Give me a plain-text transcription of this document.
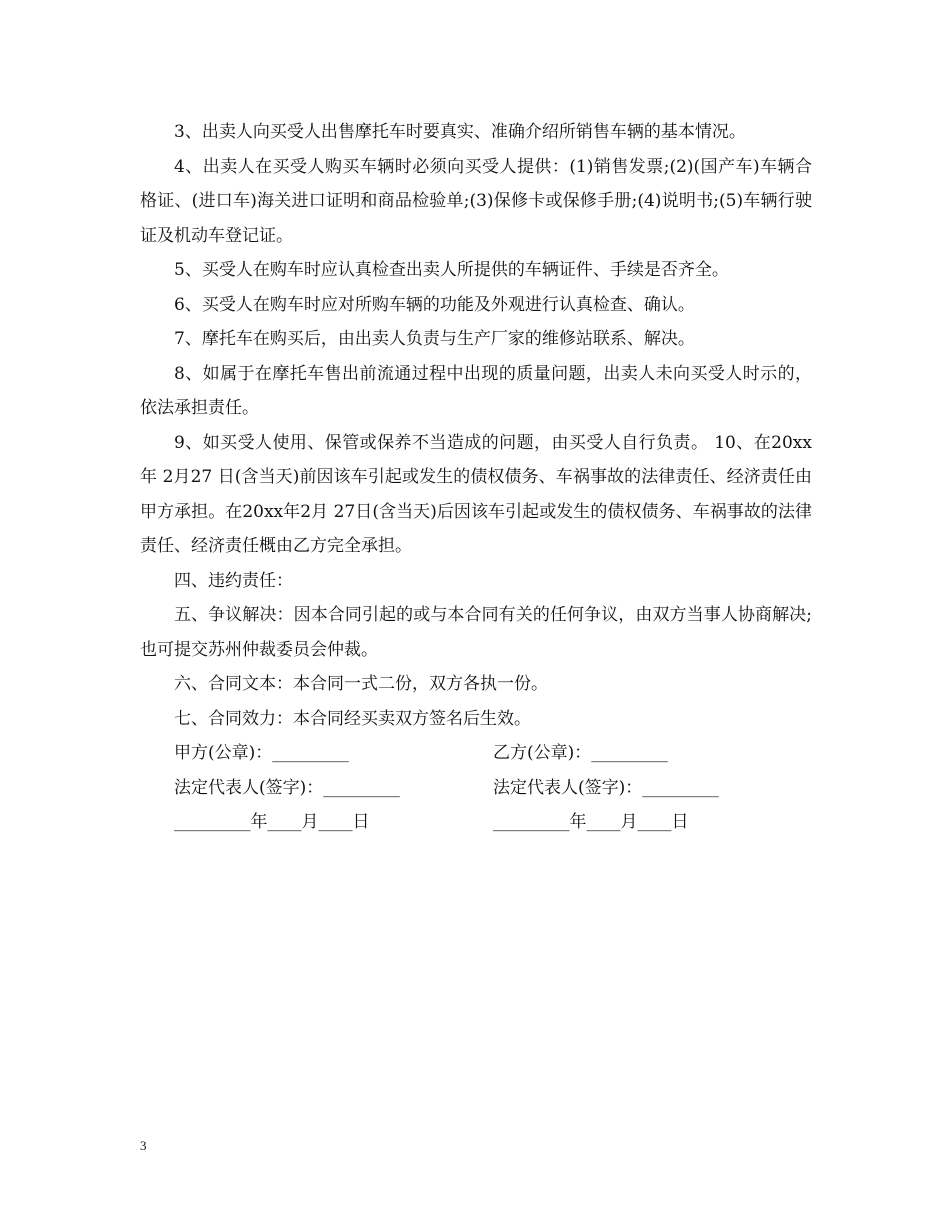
3、出卖人向买受人出售摩托车时要真实、准确介绍所销售车辆的基本情况。

4、出卖人在买受人购买车辆时必须向买受人提供：(1)销售发票;(2)(国产车)车辆合格证、(进口车)海关进口证明和商品检验单;(3)保修卡或保修手册;(4)说明书;(5)车辆行驶证及机动车登记证。

5、买受人在购车时应认真检查出卖人所提供的车辆证件、手续是否齐全。

6、买受人在购车时应对所购车辆的功能及外观进行认真检查、确认。

7、摩托车在购买后，由出卖人负责与生产厂家的维修站联系、解决。

8、如属于在摩托车售出前流通过程中出现的质量问题，出卖人未向买受人时示的，依法承担责任。

9、如买受人使用、保管或保养不当造成的问题，由买受人自行负责。 10、在20xx年 2月27 日(含当天)前因该车引起或发生的债权债务、车祸事故的法律责任、经济责任由甲方承担。在20xx年2月 27日(含当天)后因该车引起或发生的债权债务、车祸事故的法律责任、经济责任概由乙方完全承担。

四、违约责任：

五、争议解决：因本合同引起的或与本合同有关的任何争议，由双方当事人协商解决;也可提交苏州仲裁委员会仲裁。

六、合同文本：本合同一式二份，双方各执一份。

七、合同效力：本合同经买卖双方签名后生效。

甲方(公章)：_________	乙方(公章)：_________
法定代表人(签字)：_________	法定代表人(签字)：_________
_________年____月____日	_________年____月____日
3
